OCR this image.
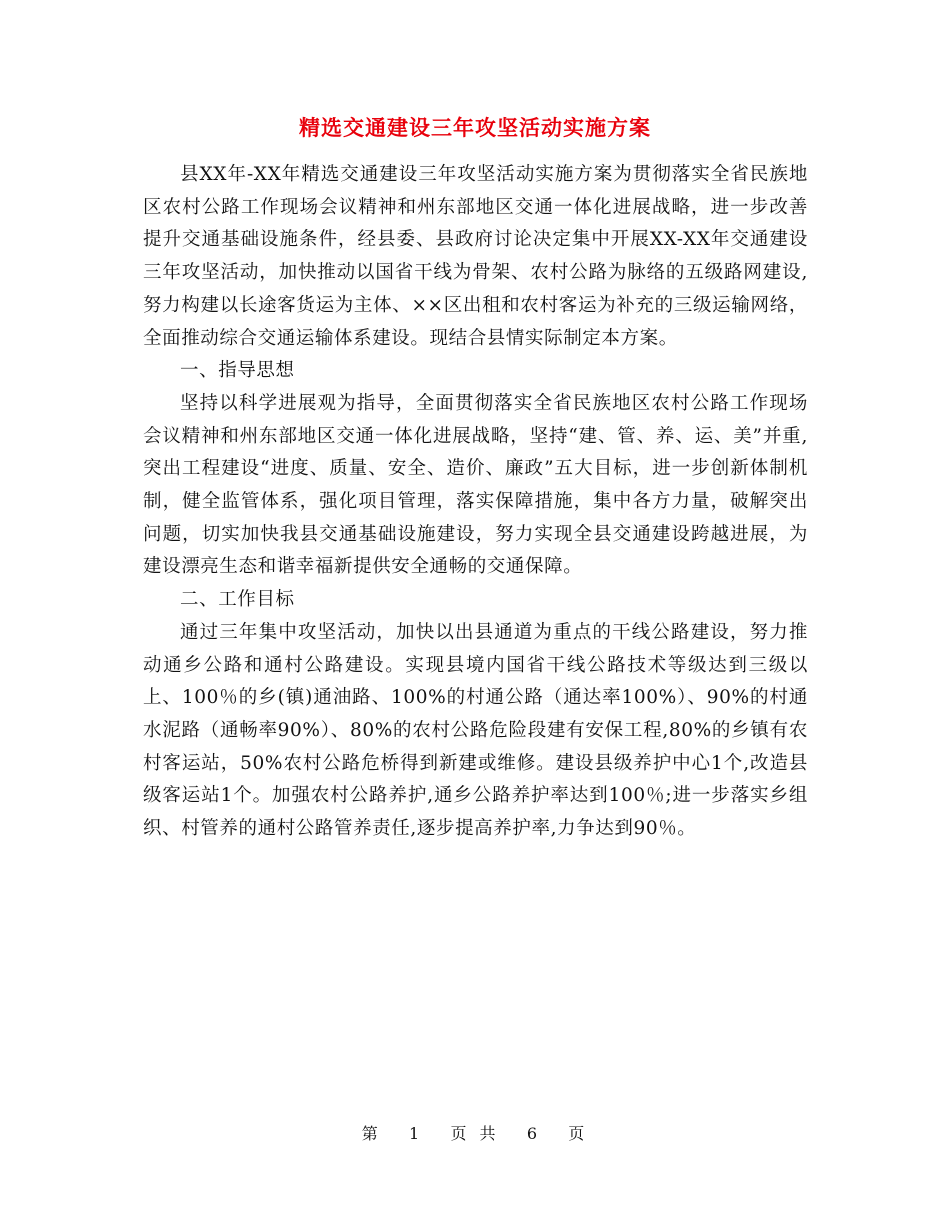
精选交通建设三年攻坚活动实施方案

县XX年-XX年精选交通建设三年攻坚活动实施方案为贯彻落实全省民族地区农村公路工作现场会议精神和州东部地区交通一体化进展战略，进一步改善提升交通基础设施条件，经县委、县政府讨论决定集中开展XX-XX年交通建设三年攻坚活动，加快推动以国省干线为骨架、农村公路为脉络的五级路网建设,努力构建以长途客货运为主体、××区出租和农村客运为补充的三级运输网络，全面推动综合交通运输体系建设。现结合县情实际制定本方案。

一、指导思想

坚持以科学进展观为指导，全面贯彻落实全省民族地区农村公路工作现场会议精神和州东部地区交通一体化进展战略，坚持“建、管、养、运、美”并重,突出工程建设“进度、质量、安全、造价、廉政”五大目标，进一步创新体制机制，健全监管体系，强化项目管理，落实保障措施，集中各方力量，破解突出问题，切实加快我县交通基础设施建设，努力实现全县交通建设跨越进展，为建设漂亮生态和谐幸福新提供安全通畅的交通保障。

二、工作目标

通过三年集中攻坚活动，加快以出县通道为重点的干线公路建设，努力推动通乡公路和通村公路建设。实现县境内国省干线公路技术等级达到三级以上、100％的乡(镇)通油路、100%的村通公路（通达率100%）、90%的村通水泥路（通畅率90%）、80%的农村公路危险段建有安保工程,80%的乡镇有农村客运站，50%农村公路危桥得到新建或维修。建设县级养护中心1个,改造县级客运站1个。加强农村公路养护,通乡公路养护率达到100％;进一步落实乡组织、村管养的通村公路管养责任,逐步提高养护率,力争达到90％。

第 1 页 共 6 页
